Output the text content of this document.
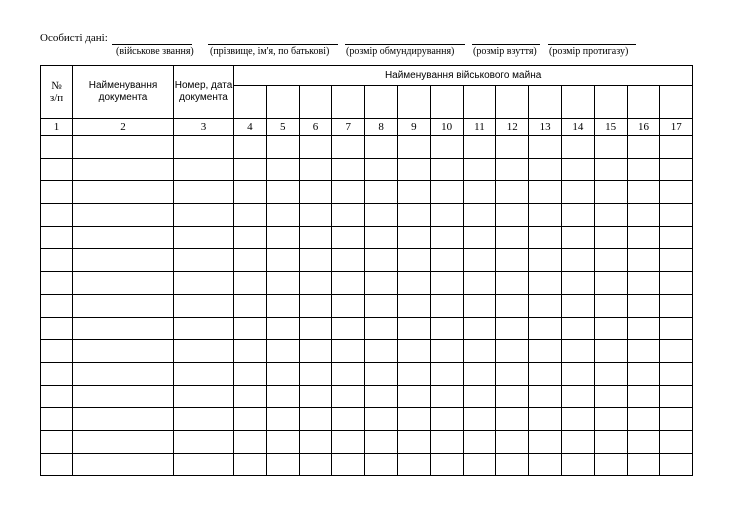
Особисті дані:
(військове звання) (прізвище, ім'я, по батькові) (розмір обмундирування) (розмір взуття) (розмір протигазу)
№
з/п	Найменування документа	Номер, дата документа	Найменування військового майна													

1	2	3	4	5	6	7	8	9	10	11	12	13	14	15	16	17
